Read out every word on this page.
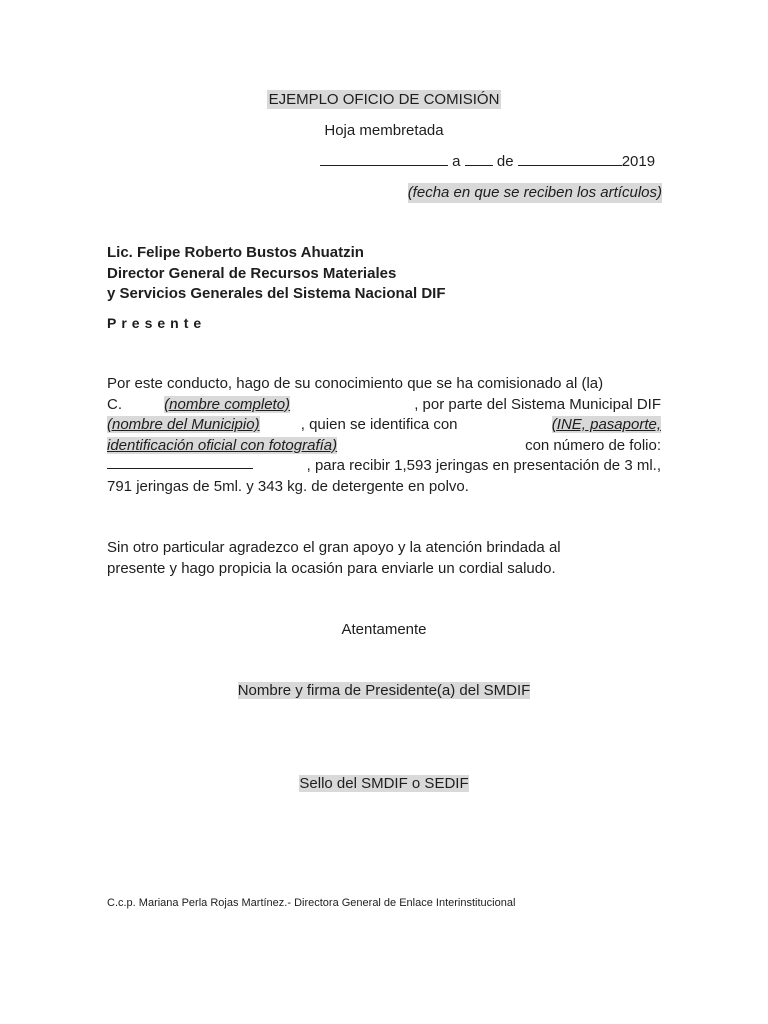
EJEMPLO OFICIO DE COMISIÓN
Hoja membretada
a de	2019
(fecha en que se reciben los artículos)
Lic. Felipe Roberto Bustos Ahuatzin
Director General de Recursos Materiales
y Servicios Generales del Sistema Nacional DIF
Presente
Por este conducto, hago de su conocimiento que se ha comisionado al (la)
C.	(nombre completo)	, por parte del Sistema Municipal DIF
(nombre del Municipio)	, quien se identifica con	(INE, pasaporte,
identificación oficial con fotografía)	con número de folio:
, para recibir 1,593 jeringas en presentación de 3 ml.,
791 jeringas de 5ml. y 343 kg. de detergente en polvo.
Sin otro particular agradezco el gran apoyo y la atención brindada al
presente y hago propicia la ocasión para enviarle un cordial saludo.
Atentamente
Nombre y firma de Presidente(a) del SMDIF
Sello del SMDIF o SEDIF
C.c.p. Mariana Perla Rojas Martínez.- Directora General de Enlace Interinstitucional
